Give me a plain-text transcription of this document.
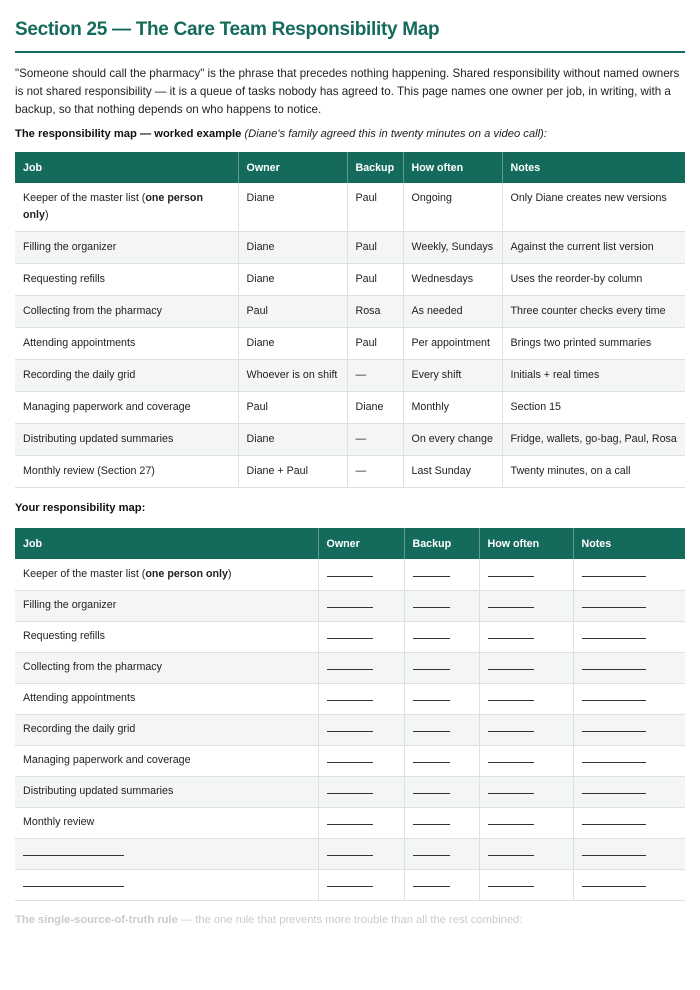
Section 25 — The Care Team Responsibility Map

"Someone should call the pharmacy" is the phrase that precedes nothing happening. Shared responsibility without named owners is not shared responsibility — it is a queue of tasks nobody has agreed to. This page names one owner per job, in writing, with a backup, so that nothing depends on who happens to notice.

The responsibility map — worked example (Diane's family agreed this in twenty minutes on a video call):

Job	Owner	Backup	How often	Notes
Keeper of the master list (one person only)	Diane	Paul	Ongoing	Only Diane creates new versions
Filling the organizer	Diane	Paul	Weekly, Sundays	Against the current list version
Requesting refills	Diane	Paul	Wednesdays	Uses the reorder-by column
Collecting from the pharmacy	Paul	Rosa	As needed	Three counter checks every time
Attending appointments	Diane	Paul	Per appointment	Brings two printed summaries
Recording the daily grid	Whoever is on shift	—	Every shift	Initials + real times
Managing paperwork and coverage	Paul	Diane	Monthly	Section 15
Distributing updated summaries	Diane	—	On every change	Fridge, wallets, go-bag, Paul, Rosa
Monthly review (Section 27)	Diane + Paul	—	Last Sunday	Twenty minutes, on a call
Your responsibility map:
Job	Owner	Backup	How often	Notes
Keeper of the master list (one person only)				
Filling the organizer				
Requesting refills				
Collecting from the pharmacy				
Attending appointments				
Recording the daily grid				
Managing paperwork and coverage				
Distributing updated summaries				
Monthly review				

The single-source-of-truth rule — the one rule that prevents more trouble than all the rest combined:
